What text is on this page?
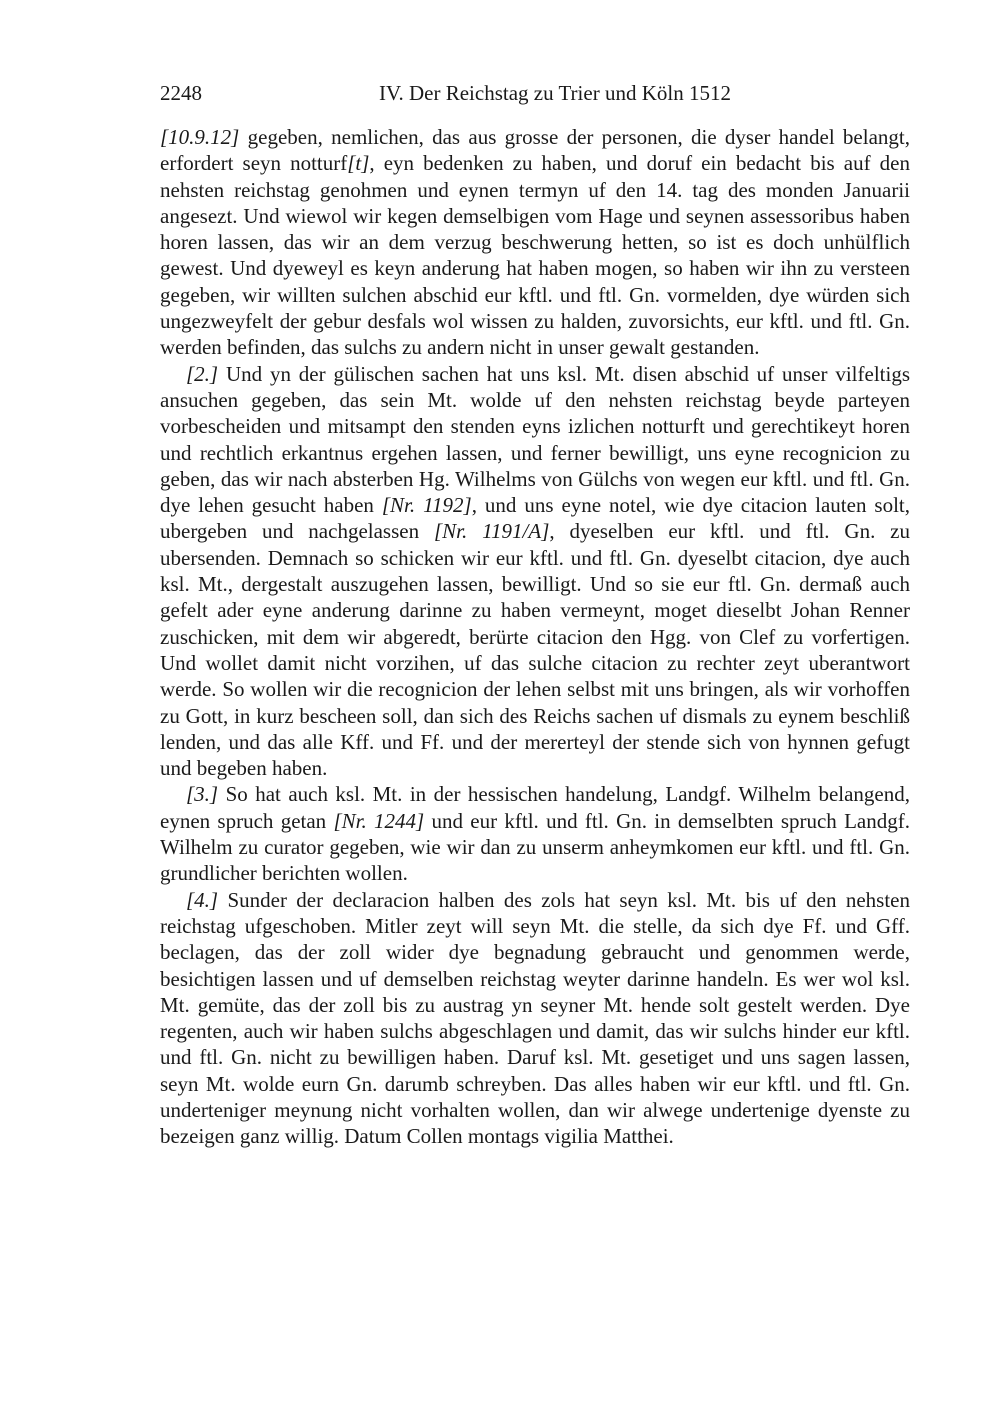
2248	IV. Der Reichstag zu Trier und Köln 1512

[10.9.12] gegeben, nemlichen, das aus grosse der personen, die dyser handel belangt, erfordert seyn notturf[t], eyn bedenken zu haben, und doruf ein bedacht bis auf den nehsten reichstag genohmen und eynen termyn uf den 14. tag des monden Januarii angesezt. Und wiewol wir kegen demselbigen vom Hage und seynen assessoribus haben horen lassen, das wir an dem verzug beschwerung hetten, so ist es doch unhülflich gewest. Und dyeweyl es keyn anderung hat haben mogen, so haben wir ihn zu versteen gegeben, wir willten sulchen abschid eur kftl. und ftl. Gn. vormelden, dye würden sich ungezweyfelt der gebur desfals wol wissen zu halden, zuvorsichts, eur kftl. und ftl. Gn. werden befinden, das sulchs zu andern nicht in unser gewalt gestanden.

[2.] Und yn der gülischen sachen hat uns ksl. Mt. disen abschid uf unser vilfeltigs ansuchen gegeben, das sein Mt. wolde uf den nehsten reichstag beyde parteyen vorbescheiden und mitsampt den stenden eyns izlichen notturft und gerechtikeyt horen und rechtlich erkantnus ergehen lassen, und ferner bewilligt, uns eyne recognicion zu geben, das wir nach absterben Hg. Wilhelms von Gülchs von wegen eur kftl. und ftl. Gn. dye lehen gesucht haben [Nr. 1192], und uns eyne notel, wie dye citacion lauten solt, ubergeben und nachgelassen [Nr. 1191/A], dyeselben eur kftl. und ftl. Gn. zu ubersenden. Demnach so schicken wir eur kftl. und ftl. Gn. dyeselbt citacion, dye auch ksl. Mt., dergestalt auszugehen lassen, bewilligt. Und so sie eur ftl. Gn. dermaß auch gefelt ader eyne anderung darinne zu haben vermeynt, moget dieselbt Johan Renner zuschicken, mit dem wir abgeredt, berürte citacion den Hgg. von Clef zu vorfertigen. Und wollet damit nicht vorzihen, uf das sulche citacion zu rechter zeyt uberantwort werde. So wollen wir die recognicion der lehen selbst mit uns bringen, als wir vorhoffen zu Gott, in kurz bescheen soll, dan sich des Reichs sachen uf dismals zu eynem beschliß lenden, und das alle Kff. und Ff. und der mererteyl der stende sich von hynnen gefugt und begeben haben.

[3.] So hat auch ksl. Mt. in der hessischen handelung, Landgf. Wilhelm belangend, eynen spruch getan [Nr. 1244] und eur kftl. und ftl. Gn. in demselbten spruch Landgf. Wilhelm zu curator gegeben, wie wir dan zu unserm anheymkomen eur kftl. und ftl. Gn. grundlicher berichten wollen.

[4.] Sunder der declaracion halben des zols hat seyn ksl. Mt. bis uf den nehsten reichstag ufgeschoben. Mitler zeyt will seyn Mt. die stelle, da sich dye Ff. und Gff. beclagen, das der zoll wider dye begnadung gebraucht und genommen werde, besichtigen lassen und uf demselben reichstag weyter darinne handeln. Es wer wol ksl. Mt. gemüte, das der zoll bis zu austrag yn seyner Mt. hende solt gestelt werden. Dye regenten, auch wir haben sulchs abgeschlagen und damit, das wir sulchs hinder eur kftl. und ftl. Gn. nicht zu bewilligen haben. Daruf ksl. Mt. gesetiget und uns sagen lassen, seyn Mt. wolde eurn Gn. darumb schreyben. Das alles haben wir eur kftl. und ftl. Gn. underteniger meynung nicht vorhalten wollen, dan wir alwege undertenige dyenste zu bezeigen ganz willig. Datum Collen montags vigilia Matthei.
